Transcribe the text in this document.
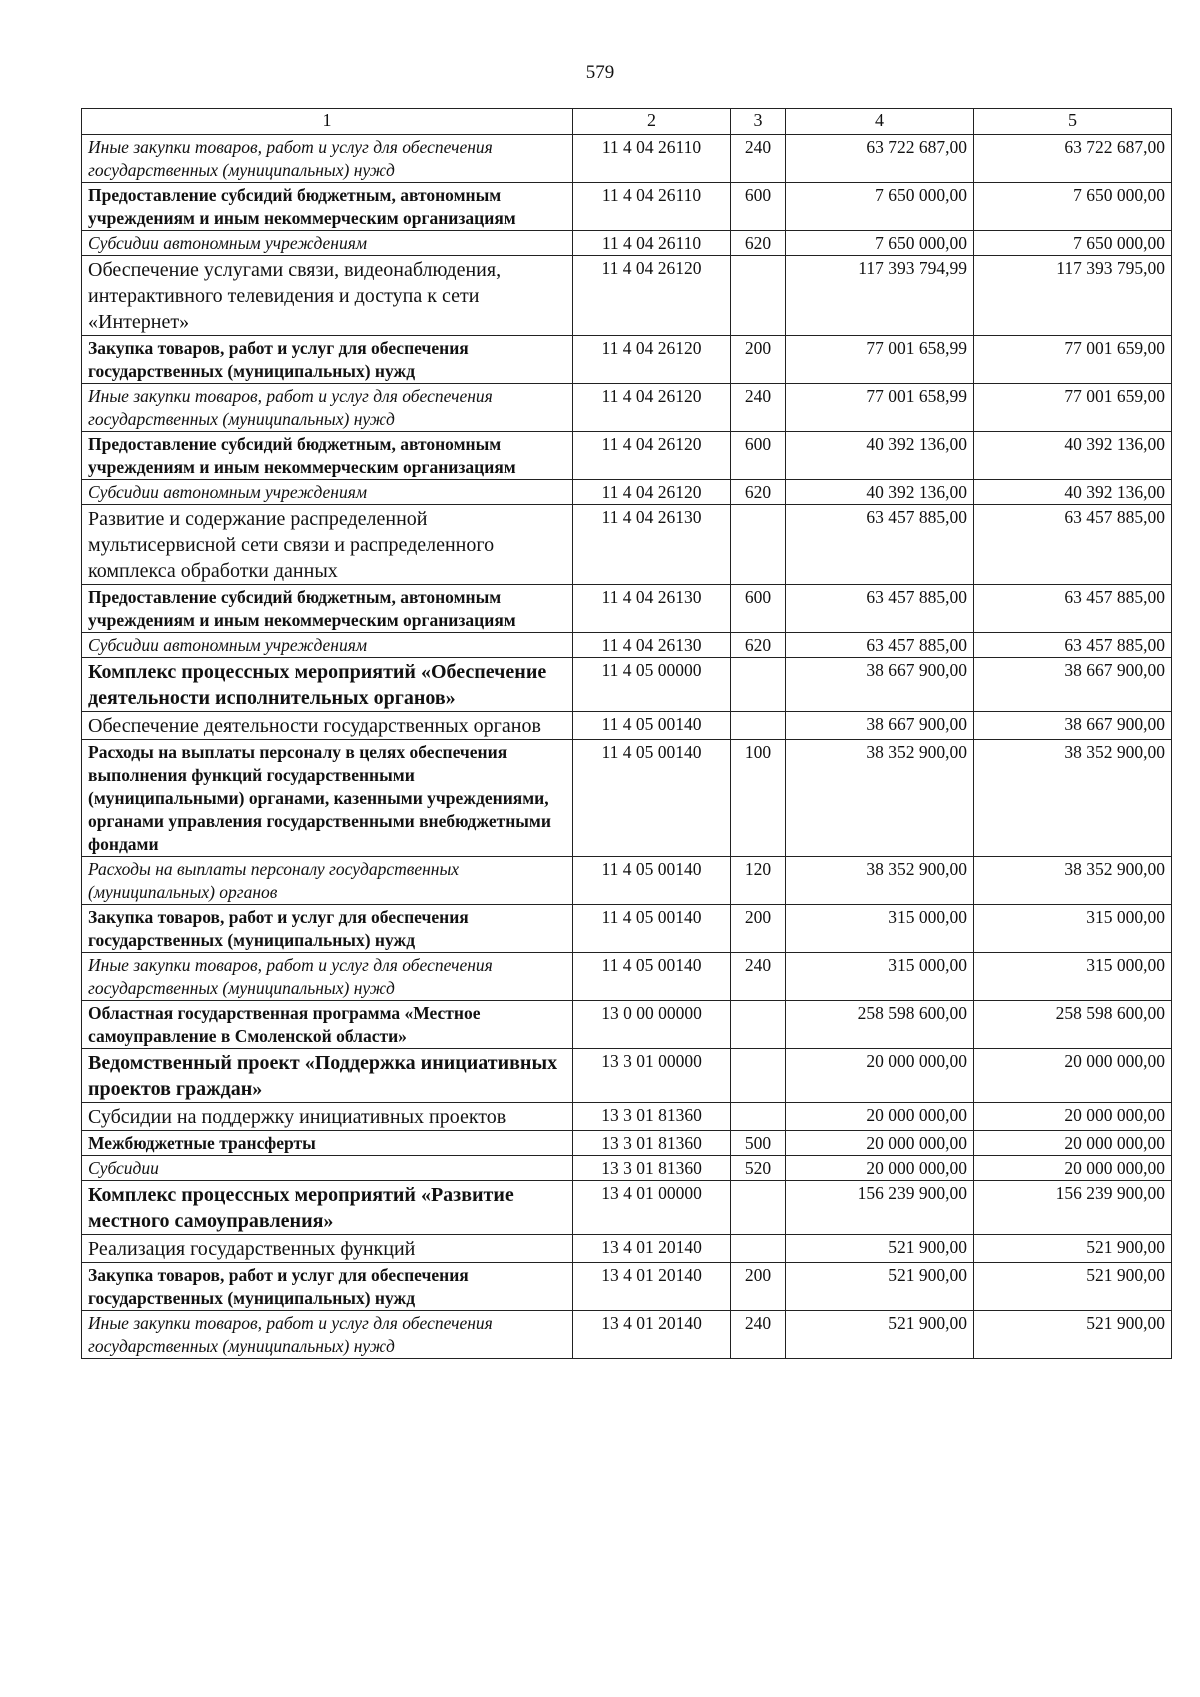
579
1	2	3	4	5
Иные закупки товаров, работ и услуг для обеспечения государственных (муниципальных) нужд	11 4 04 26110	240	63 722 687,00	63 722 687,00
Предоставление субсидий бюджетным, автономным учреждениям и иным некоммерческим организациям	11 4 04 26110	600	7 650 000,00	7 650 000,00
Субсидии автономным учреждениям	11 4 04 26110	620	7 650 000,00	7 650 000,00
Обеспечение услугами связи, видеонаблюдения, интерактивного телевидения и доступа к сети «Интернет»	11 4 04 26120		117 393 794,99	117 393 795,00
Закупка товаров, работ и услуг для обеспечения государственных (муниципальных) нужд	11 4 04 26120	200	77 001 658,99	77 001 659,00
Иные закупки товаров, работ и услуг для обеспечения государственных (муниципальных) нужд	11 4 04 26120	240	77 001 658,99	77 001 659,00
Предоставление субсидий бюджетным, автономным учреждениям и иным некоммерческим организациям	11 4 04 26120	600	40 392 136,00	40 392 136,00
Субсидии автономным учреждениям	11 4 04 26120	620	40 392 136,00	40 392 136,00
Развитие и содержание распределенной мультисервисной сети связи и распределенного комплекса обработки данных	11 4 04 26130		63 457 885,00	63 457 885,00
Предоставление субсидий бюджетным, автономным учреждениям и иным некоммерческим организациям	11 4 04 26130	600	63 457 885,00	63 457 885,00
Субсидии автономным учреждениям	11 4 04 26130	620	63 457 885,00	63 457 885,00
Комплекс процессных мероприятий «Обеспечение деятельности исполнительных органов»	11 4 05 00000		38 667 900,00	38 667 900,00
Обеспечение деятельности государственных органов	11 4 05 00140		38 667 900,00	38 667 900,00
Расходы на выплаты персоналу в целях обеспечения выполнения функций государственными (муниципальными) органами, казенными учреждениями, органами управления государственными внебюджетными фондами	11 4 05 00140	100	38 352 900,00	38 352 900,00
Расходы на выплаты персоналу государственных (муниципальных) органов	11 4 05 00140	120	38 352 900,00	38 352 900,00
Закупка товаров, работ и услуг для обеспечения государственных (муниципальных) нужд	11 4 05 00140	200	315 000,00	315 000,00
Иные закупки товаров, работ и услуг для обеспечения государственных (муниципальных) нужд	11 4 05 00140	240	315 000,00	315 000,00
Областная государственная программа «Местное самоуправление в Смоленской области»	13 0 00 00000		258 598 600,00	258 598 600,00
Ведомственный проект «Поддержка инициативных проектов граждан»	13 3 01 00000		20 000 000,00	20 000 000,00
Субсидии на поддержку инициативных проектов	13 3 01 81360		20 000 000,00	20 000 000,00
Межбюджетные трансферты	13 3 01 81360	500	20 000 000,00	20 000 000,00
Субсидии	13 3 01 81360	520	20 000 000,00	20 000 000,00
Комплекс процессных мероприятий «Развитие местного самоуправления»	13 4 01 00000		156 239 900,00	156 239 900,00
Реализация государственных функций	13 4 01 20140		521 900,00	521 900,00
Закупка товаров, работ и услуг для обеспечения государственных (муниципальных) нужд	13 4 01 20140	200	521 900,00	521 900,00
Иные закупки товаров, работ и услуг для обеспечения государственных (муниципальных) нужд	13 4 01 20140	240	521 900,00	521 900,00
